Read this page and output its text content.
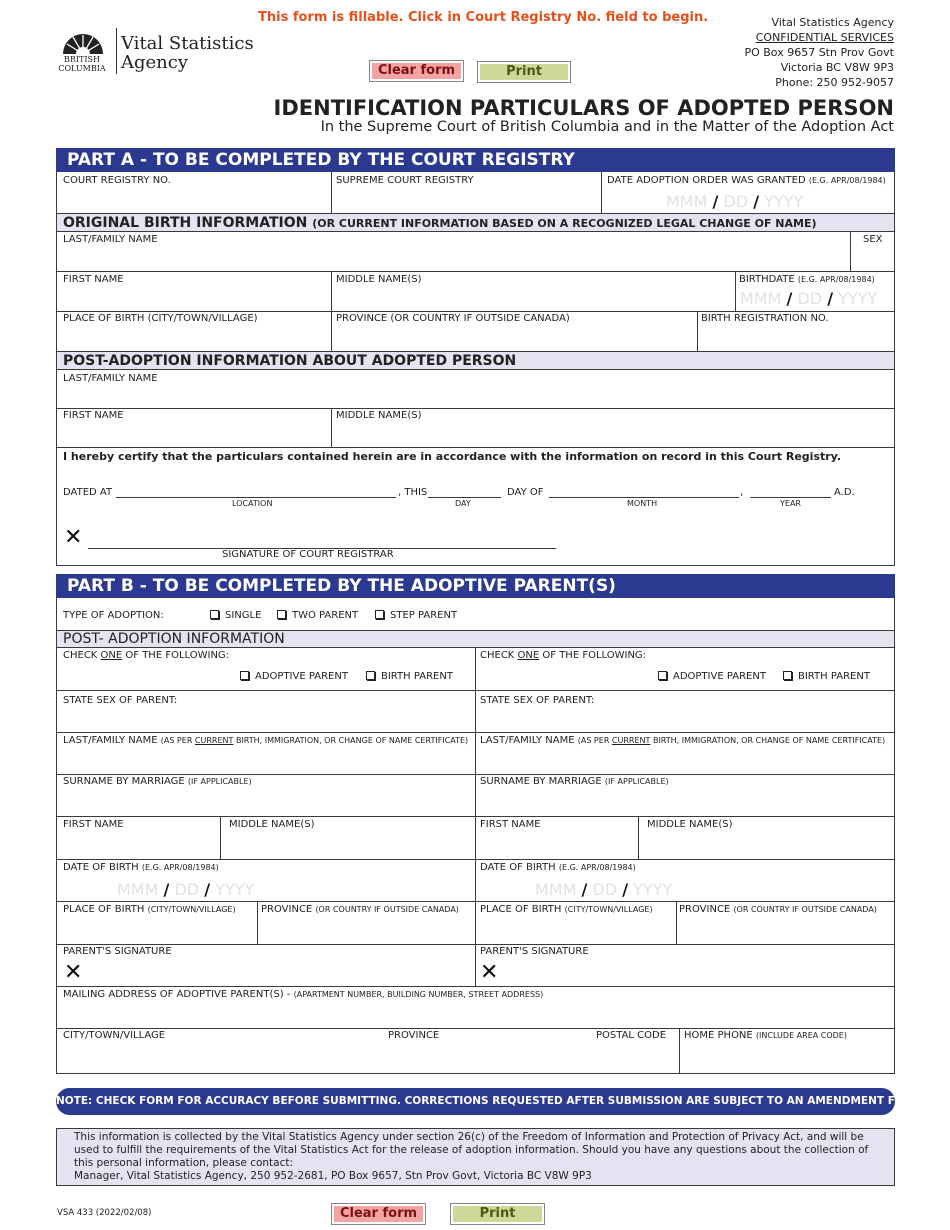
This form is fillable. Click in Court Registry No. field to begin.
BRITISH COLUMBIA
Vital Statistics
Agency
Vital Statistics Agency
CONFIDENTIAL SERVICES
PO Box 9657 Stn Prov Govt
Victoria BC V8W 9P3
Phone: 250 952-9057
Clear form	Print
IDENTIFICATION PARTICULARS OF ADOPTED PERSON
In the Supreme Court of British Columbia and in the Matter of the Adoption Act
PART A - TO BE COMPLETED BY THE COURT REGISTRY
COURT REGISTRY NO.	SUPREME COURT REGISTRY	DATE ADOPTION ORDER WAS GRANTED (E.G. APR/08/1984)
MMM / DD / YYYY
ORIGINAL BIRTH INFORMATION (OR CURRENT INFORMATION BASED ON A RECOGNIZED LEGAL CHANGE OF NAME)
LAST/FAMILY NAME	SEX
FIRST NAME	MIDDLE NAME(S)	BIRTHDATE (E.G. APR/08/1984)
MMM / DD / YYYY
PLACE OF BIRTH (CITY/TOWN/VILLAGE)	PROVINCE (OR COUNTRY IF OUTSIDE CANADA)	BIRTH REGISTRATION NO.
POST-ADOPTION INFORMATION ABOUT ADOPTED PERSON
LAST/FAMILY NAME
FIRST NAME	MIDDLE NAME(S)
I hereby certify that the particulars contained herein are in accordance with the information on record in this Court Registry.
DATED AT
LOCATION
, THIS
DAY
DAY OF
MONTH
,
YEAR
A.D.
✕
SIGNATURE OF COURT REGISTRAR
PART B - TO BE COMPLETED BY THE ADOPTIVE PARENT(S)
TYPE OF ADOPTION:	SINGLE	TWO PARENT	STEP PARENT
POST- ADOPTION INFORMATION
CHECK ONE OF THE FOLLOWING:
ADOPTIVE PARENT	BIRTH PARENT
CHECK ONE OF THE FOLLOWING:
ADOPTIVE PARENT	BIRTH PARENT
STATE SEX OF PARENT:	STATE SEX OF PARENT:
LAST/FAMILY NAME (AS PER CURRENT BIRTH, IMMIGRATION, OR CHANGE OF NAME CERTIFICATE) LAST/FAMILY NAME (AS PER CURRENT BIRTH, IMMIGRATION, OR CHANGE OF NAME CERTIFICATE)
SURNAME BY MARRIAGE (IF APPLICABLE)	SURNAME BY MARRIAGE (IF APPLICABLE)
FIRST NAME	MIDDLE NAME(S)	FIRST NAME	MIDDLE NAME(S)
DATE OF BIRTH (E.G. APR/08/1984)
MMM / DD / YYYY
DATE OF BIRTH (E.G. APR/08/1984)
MMM / DD / YYYY
PLACE OF BIRTH (CITY/TOWN/VILLAGE)	PROVINCE (OR COUNTRY IF OUTSIDE CANADA) PLACE OF BIRTH (CITY/TOWN/VILLAGE)	PROVINCE (OR COUNTRY IF OUTSIDE CANADA)
PARENT'S SIGNATURE
✕
PARENT'S SIGNATURE
✕
MAILING ADDRESS OF ADOPTIVE PARENT(S) - (APARTMENT NUMBER, BUILDING NUMBER, STREET ADDRESS)
CITY/TOWN/VILLAGE	PROVINCE	POSTAL CODE HOME PHONE (INCLUDE AREA CODE)
NOTE: CHECK FORM FOR ACCURACY BEFORE SUBMITTING. CORRECTIONS REQUESTED AFTER SUBMISSION ARE SUBJECT TO AN AMENDMENT FEE.
This information is collected by the Vital Statistics Agency under section 26(c) of the Freedom of Information and Protection of Privacy Act, and will be used to fulfill the requirements of the Vital Statistics Act for the release of adoption information. Should you have any questions about the collection of this personal information, please contact:
Manager, Vital Statistics Agency, 250 952-2681, PO Box 9657, Stn Prov Govt, Victoria BC V8W 9P3
VSA 433 (2022/02/08)	Clear form	Print
